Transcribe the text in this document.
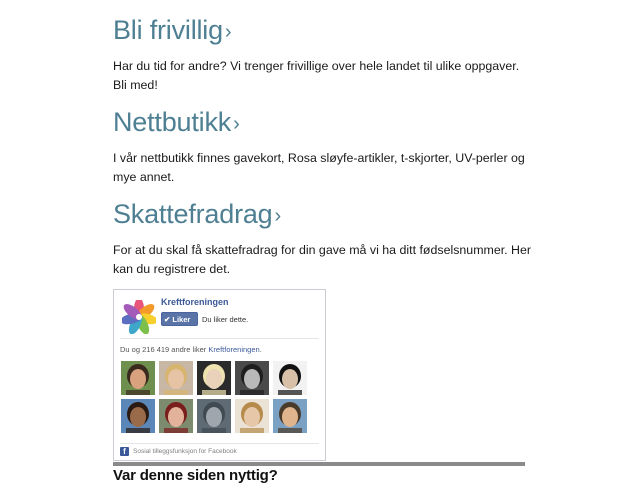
Bli frivillig ›

Har du tid for andre? Vi trenger frivillige over hele landet til ulike oppgaver. Bli med!

Nettbutikk ›

I vår nettbutikk finnes gavekort, Rosa sløyfe-artikler, t-skjorter, UV-perler og mye annet.

Skattefradrag ›

For at du skal få skattefradrag for din gave må vi ha ditt fødselsnummer. Her kan du registrere det.

Kreftforeningen
✔ Liker	Du liker dette.
Du og 216 419 andre liker Kreftforeningen.
f	Sosial tilleggsfunksjon for Facebook
Var denne siden nyttig?
